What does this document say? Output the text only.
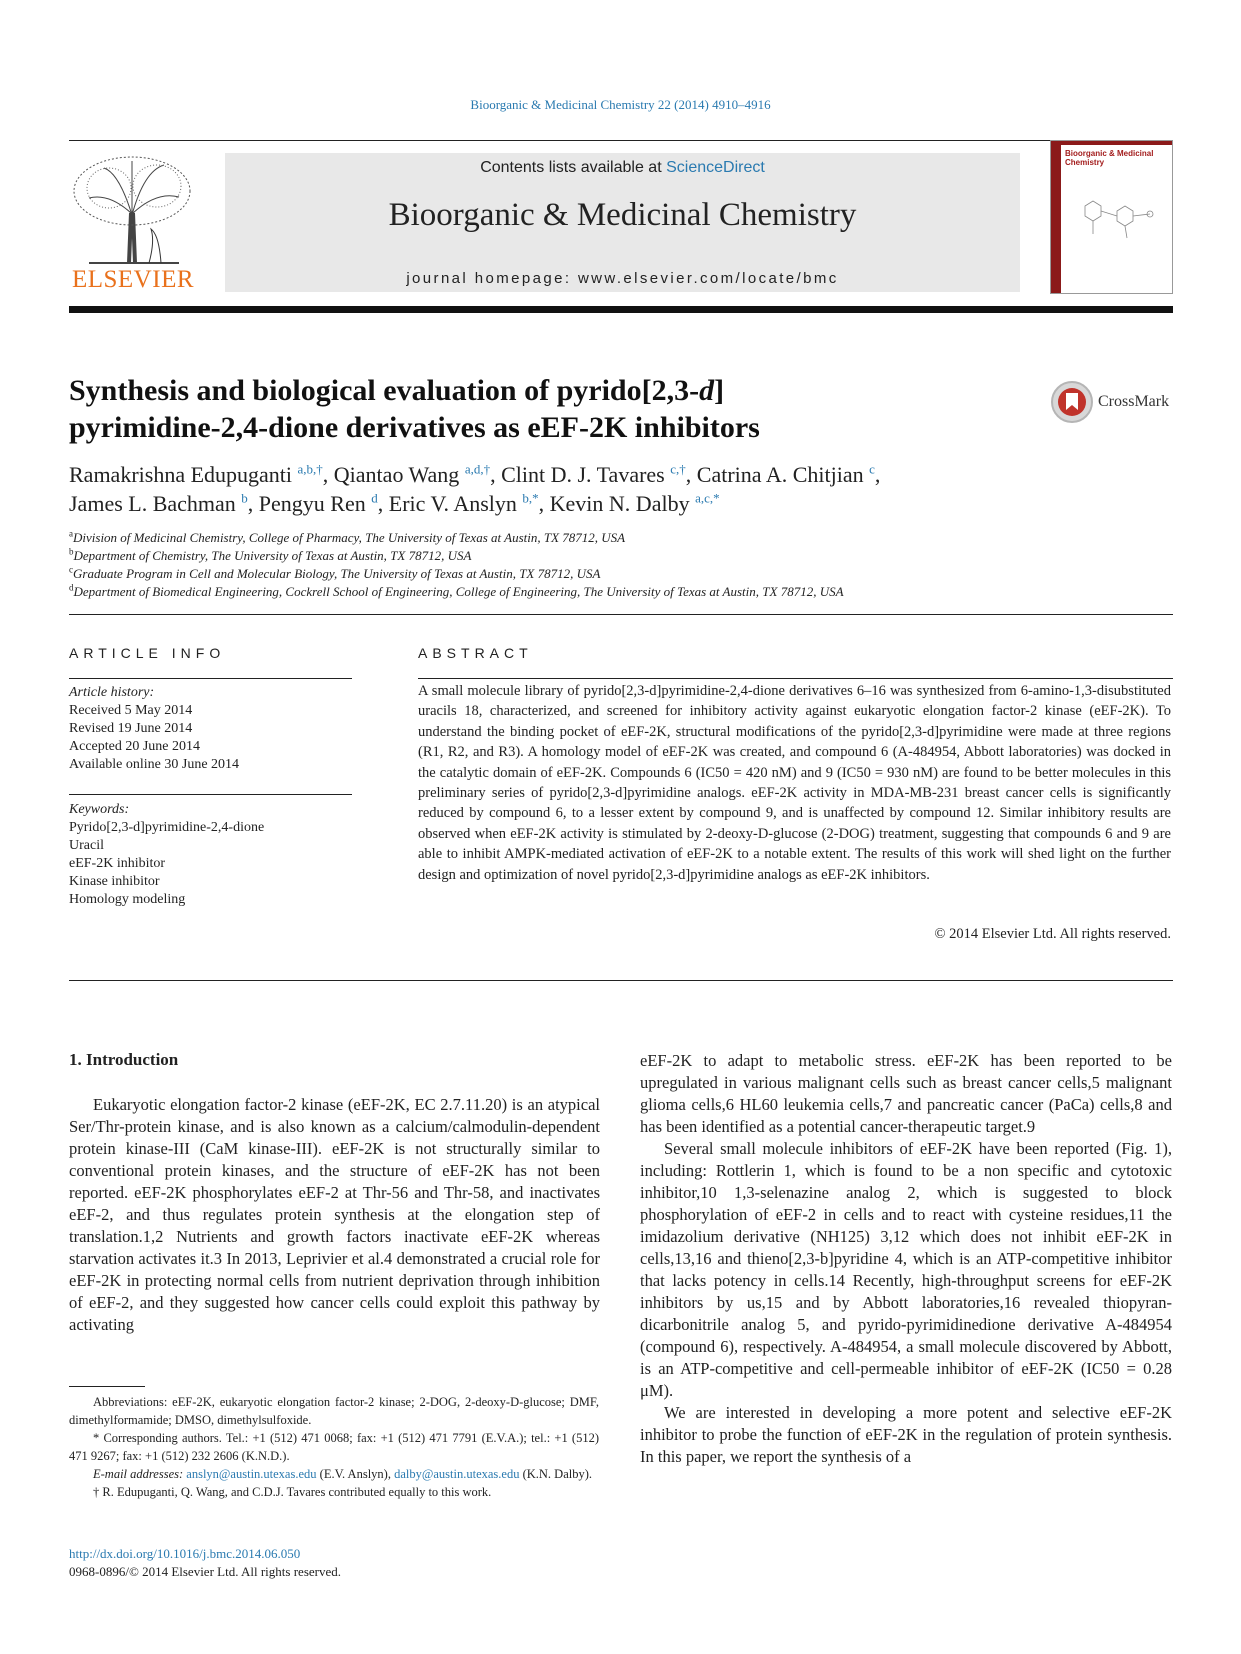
Bioorganic & Medicinal Chemistry 22 (2014) 4910–4916
ELSEVIER
Contents lists available at ScienceDirect
Bioorganic & Medicinal Chemistry
journal homepage: www.elsevier.com/locate/bmc
Bioorganic & Medicinal Chemistry
Synthesis and biological evaluation of pyrido[2,3-d]
pyrimidine-2,4-dione derivatives as eEF-2K inhibitors
CrossMark
Ramakrishna Edupuganti $^{a,b,\dagger}$, Qiantao Wang $^{a,d,\dagger}$, Clint D. J. Tavares $^{c,\dagger}$, Catrina A. Chitjian $^c$,
James L. Bachman $^b$, Pengyu Ren $^d$, Eric V. Anslyn $^{b,*}$, Kevin N. Dalby $^{a,c,*}$
$^a$Division of Medicinal Chemistry, College of Pharmacy, The University of Texas at Austin, TX 78712, USA
$^b$Department of Chemistry, The University of Texas at Austin, TX 78712, USA
$^c$Graduate Program in Cell and Molecular Biology, The University of Texas at Austin, TX 78712, USA
$^d$Department of Biomedical Engineering, Cockrell School of Engineering, College of Engineering, The University of Texas at Austin, TX 78712, USA
ARTICLE INFO
Article history:
Received 5 May 2014
Revised 19 June 2014
Accepted 20 June 2014
Available online 30 June 2014
Keywords:
Pyrido[2,3-d]pyrimidine-2,4-dione
Uracil
eEF-2K inhibitor
Kinase inhibitor
Homology modeling
ABSTRACT
A small molecule library of pyrido[2,3-d]pyrimidine-2,4-dione derivatives 6–16 was synthesized from 6-amino-1,3-disubstituted uracils 18, characterized, and screened for inhibitory activity against eukaryotic elongation factor-2 kinase (eEF-2K). To understand the binding pocket of eEF-2K, structural modifications of the pyrido[2,3-d]pyrimidine were made at three regions (R1, R2, and R3). A homology model of eEF-2K was created, and compound 6 (A-484954, Abbott laboratories) was docked in the catalytic domain of eEF-2K. Compounds 6 (IC50 = 420 nM) and 9 (IC50 = 930 nM) are found to be better molecules in this preliminary series of pyrido[2,3-d]pyrimidine analogs. eEF-2K activity in MDA-MB-231 breast cancer cells is significantly reduced by compound 6, to a lesser extent by compound 9, and is unaffected by compound 12. Similar inhibitory results are observed when eEF-2K activity is stimulated by 2-deoxy-D-glucose (2-DOG) treatment, suggesting that compounds 6 and 9 are able to inhibit AMPK-mediated activation of eEF-2K to a notable extent. The results of this work will shed light on the further design and optimization of novel pyrido[2,3-d]pyrimidine analogs as eEF-2K inhibitors.
© 2014 Elsevier Ltd. All rights reserved.
1. Introduction

Eukaryotic elongation factor-2 kinase (eEF-2K, EC 2.7.11.20) is an atypical Ser/Thr-protein kinase, and is also known as a calcium/calmodulin-dependent protein kinase-III (CaM kinase-III). eEF-2K is not structurally similar to conventional protein kinases, and the structure of eEF-2K has not been reported. eEF-2K phosphorylates eEF-2 at Thr-56 and Thr-58, and inactivates eEF-2, and thus regulates protein synthesis at the elongation step of translation.1,2 Nutrients and growth factors inactivate eEF-2K whereas starvation activates it.3 In 2013, Leprivier et al.4 demonstrated a crucial role for eEF-2K in protecting normal cells from nutrient deprivation through inhibition of eEF-2, and they suggested how cancer cells could exploit this pathway by activating

eEF-2K to adapt to metabolic stress. eEF-2K has been reported to be upregulated in various malignant cells such as breast cancer cells,5 malignant glioma cells,6 HL60 leukemia cells,7 and pancreatic cancer (PaCa) cells,8 and has been identified as a potential cancer-therapeutic target.9

Several small molecule inhibitors of eEF-2K have been reported (Fig. 1), including: Rottlerin 1, which is found to be a non specific and cytotoxic inhibitor,10 1,3-selenazine analog 2, which is suggested to block phosphorylation of eEF-2 in cells and to react with cysteine residues,11 the imidazolium derivative (NH125) 3,12 which does not inhibit eEF-2K in cells,13,16 and thieno[2,3-b]pyridine 4, which is an ATP-competitive inhibitor that lacks potency in cells.14 Recently, high-throughput screens for eEF-2K inhibitors by us,15 and by Abbott laboratories,16 revealed thiopyran-dicarbonitrile analog 5, and pyrido-pyrimidinedione derivative A-484954 (compound 6), respectively. A-484954, a small molecule discovered by Abbott, is an ATP-competitive and cell-permeable inhibitor of eEF-2K (IC50 = 0.28 μM).

We are interested in developing a more potent and selective eEF-2K inhibitor to probe the function of eEF-2K in the regulation of protein synthesis. In this paper, we report the synthesis of a

Abbreviations: eEF-2K, eukaryotic elongation factor-2 kinase; 2-DOG, 2-deoxy-D-glucose; DMF, dimethylformamide; DMSO, dimethylsulfoxide.

* Corresponding authors. Tel.: +1 (512) 471 0068; fax: +1 (512) 471 7791 (E.V.A.); tel.: +1 (512) 471 9267; fax: +1 (512) 232 2606 (K.N.D.).

E-mail addresses: anslyn@austin.utexas.edu (E.V. Anslyn), dalby@austin.utexas.edu (K.N. Dalby).

† R. Edupuganti, Q. Wang, and C.D.J. Tavares contributed equally to this work.

http://dx.doi.org/10.1016/j.bmc.2014.06.050
0968-0896/© 2014 Elsevier Ltd. All rights reserved.
